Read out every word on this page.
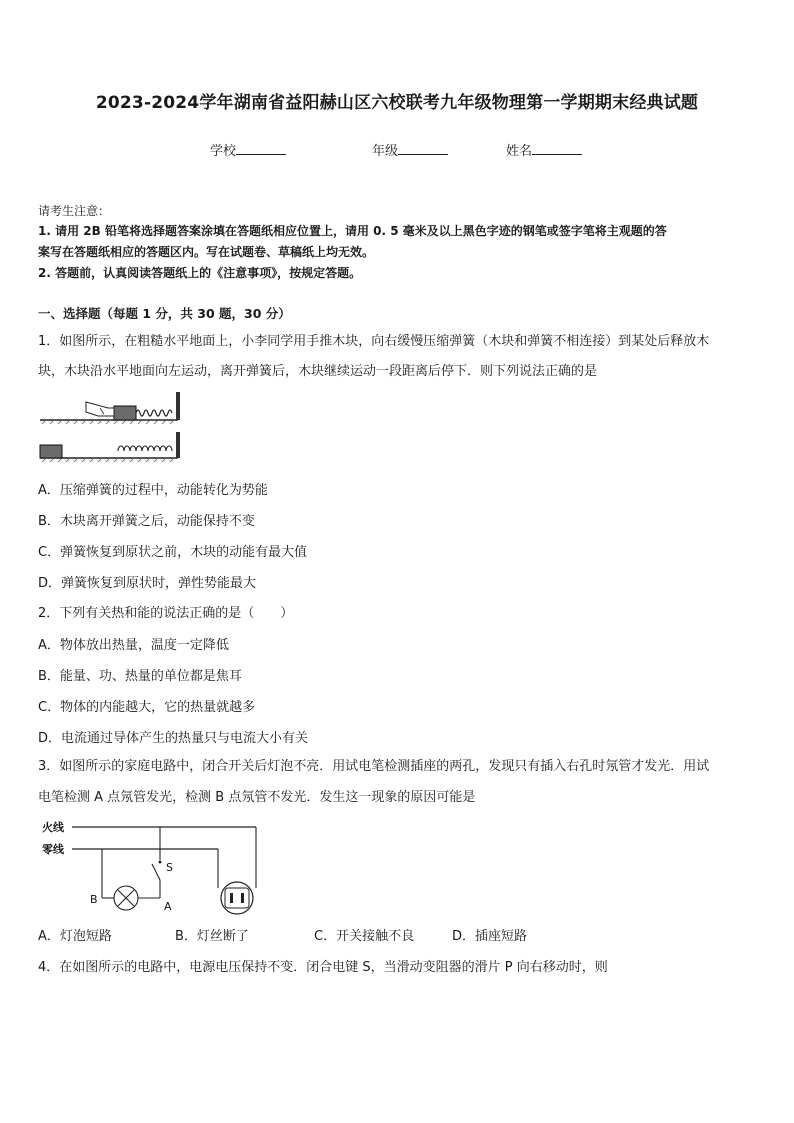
2023-2024学年湖南省益阳赫山区六校联考九年级物理第一学期期末经典试题
学校	年级	姓名
请考生注意：
1. 请用 2B 铅笔将选择题答案涂填在答题纸相应位置上，请用 0. 5 毫米及以上黑色字迹的钢笔或签字笔将主观题的答
案写在答题纸相应的答题区内。写在试题卷、草稿纸上均无效。
2. 答题前，认真阅读答题纸上的《注意事项》，按规定答题。
一、选择题（每题 1 分，共 30 题，30 分）
1．如图所示，在粗糙水平地面上，小李同学用手推木块，向右缓慢压缩弹簧（木块和弹簧不相连接）到某处后释放木
块，木块沿水平地面向左运动，离开弹簧后，木块继续运动一段距离后停下．则下列说法正确的是
A．压缩弹簧的过程中，动能转化为势能
B．木块离开弹簧之后，动能保持不变
C．弹簧恢复到原状之前，木块的动能有最大值
D．弹簧恢复到原状时，弹性势能最大
2．下列有关热和能的说法正确的是（　　）
A．物体放出热量，温度一定降低
B．能量、功、热量的单位都是焦耳
C．物体的内能越大，它的热量就越多
D．电流通过导体产生的热量只与电流大小有关
3．如图所示的家庭电路中，闭合开关后灯泡不亮．用试电笔检测插座的两孔，发现只有插入右孔时氖管才发光．用试
电笔检测 A 点氖管发光，检测 B 点氖管不发光．发生这一现象的原因可能是
火线
零线
S
B
A
A．灯泡短路	B．灯丝断了	C．开关接触不良	D．插座短路
4．在如图所示的电路中，电源电压保持不变．闭合电键 S，当滑动变阻器的滑片 P 向右移动时，则
